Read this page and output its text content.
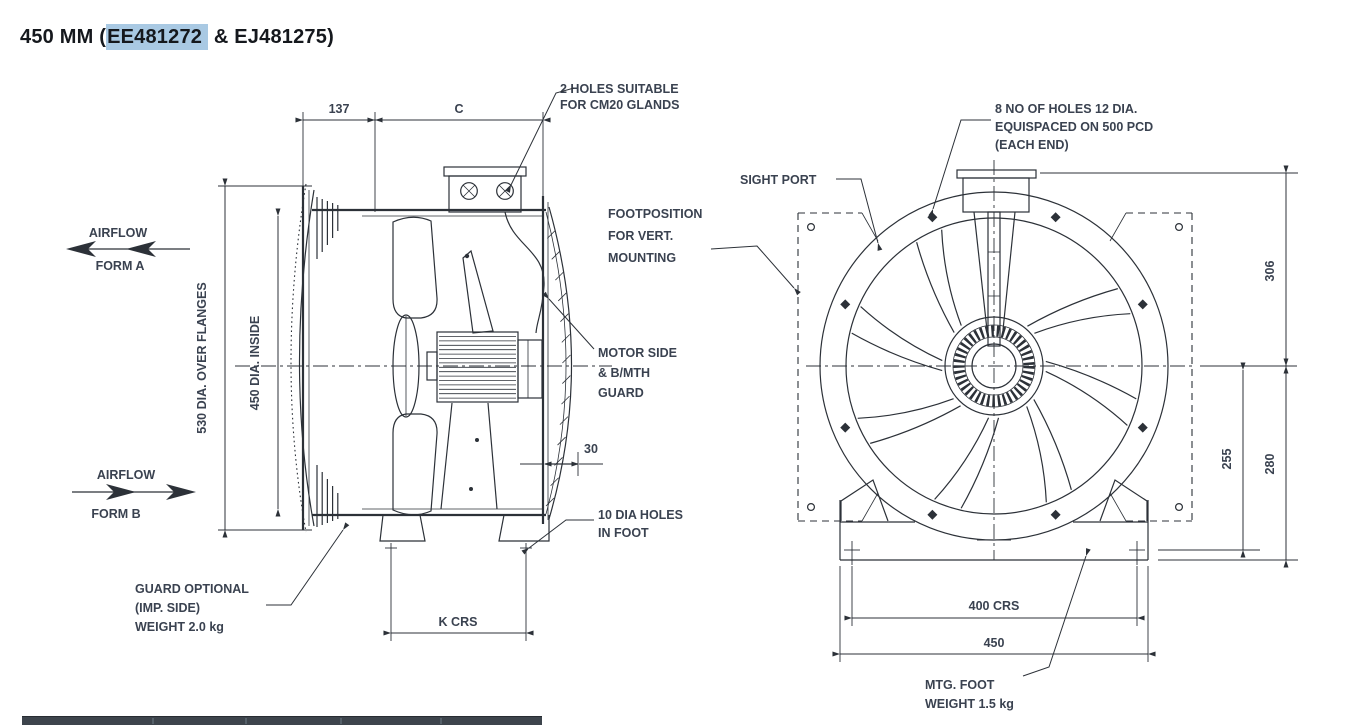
450 MM (EE481272 & EJ481275)
137	C
530 DIA. OVER FLANGES	450 DIA. INSIDE
30
K CRS
2 HOLES SUITABLE
FOR CM20 GLANDS
FOOTPOSITION
FOR VERT.
MOUNTING
MOTOR SIDE
& B/MTH
GUARD
10 DIA HOLES
IN FOOT
GUARD OPTIONAL
(IMP. SIDE)
WEIGHT 2.0 kg
AIRFLOW
FORM A
AIRFLOW
FORM B
306
280
255
400 CRS
450
SIGHT PORT
8 NO OF HOLES 12 DIA.
EQUISPACED ON 500 PCD
(EACH END)
MTG. FOOT
WEIGHT 1.5 kg
